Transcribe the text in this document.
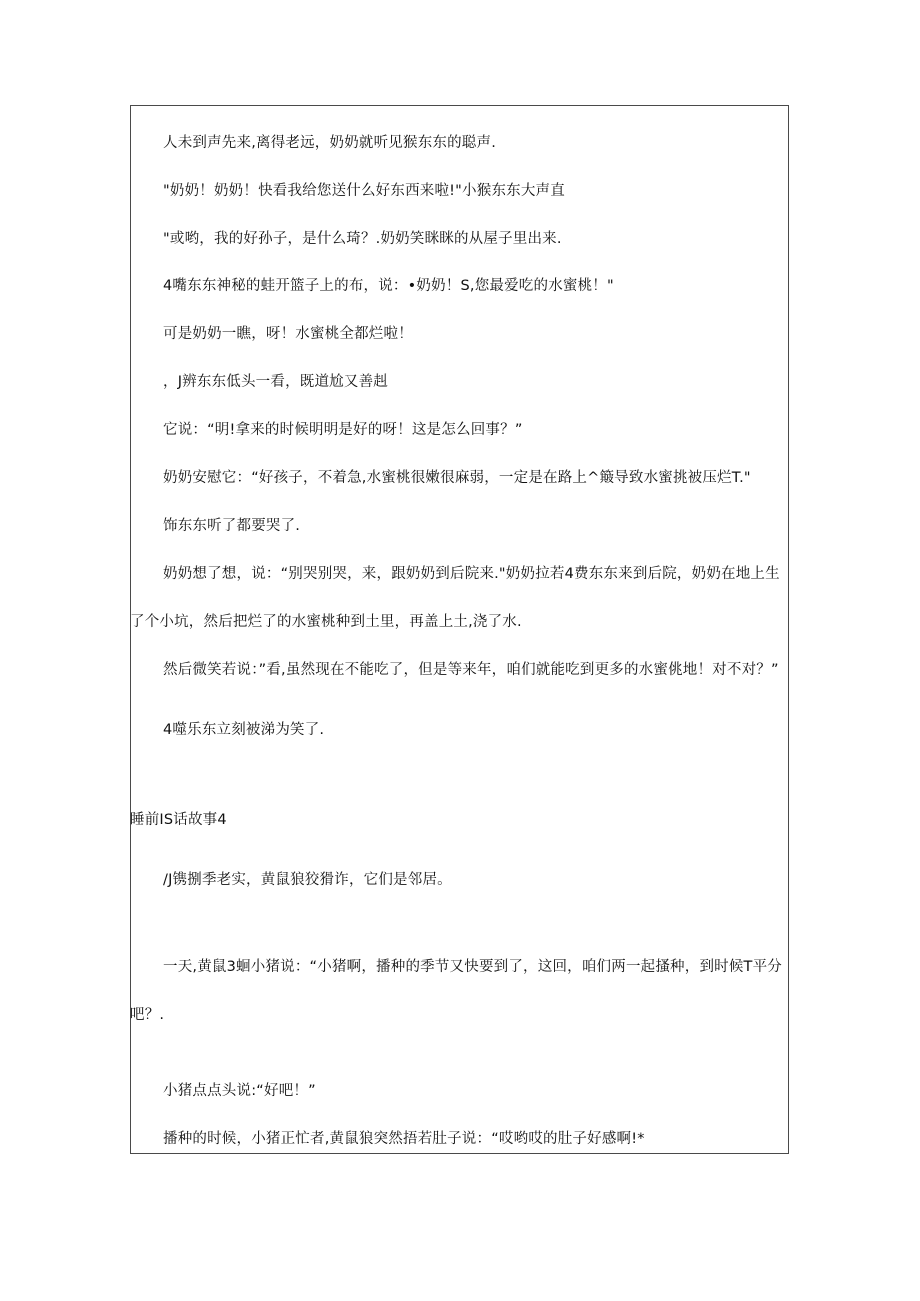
人未到声先来,离得老远，奶奶就听见猴东东的聪声.
"奶奶！奶奶！快看我给您送什么好东西来啦!"小猴东东大声直
"或哟，我的好孙子，是什么琦？.奶奶笑眯眯的从屋子里出来.
4嘴东东神秘的蛙开篮子上的布，说：•奶奶！S,您最爱吃的水蜜桃！"
可是奶奶一瞧，呀！水蜜桃全都烂啦！
，J辨东东低头一看，既道尬又善赳
它说：“明!拿来的时候明明是好的呀！这是怎么回事？”
奶奶安慰它：“好孩子，不着急,水蜜桃很嫩很麻弱，一定是在路上^簸导致水蜜挑被压烂T."
饰东东听了都要哭了.
奶奶想了想，说：“别哭别哭，来，跟奶奶到后院来."奶奶拉若4费东东来到后院，奶奶在地上生
了个小坑，然后把烂了的水蜜桃种到土里，再盖上土,浇了水.
然后微笑若说：”看,虽然现在不能吃了，但是等来年，咱们就能吃到更多的水蜜佻地！对不对？”
4噬乐东立刻被涕为笑了.
睡前IS话故事4
/J镌捌季老实，黄鼠狼狡猾诈，它们是邻居。
一天,黄鼠3蛔小猪说：“小猪啊，播种的季节又快要到了，这回，咱们两一起搔种，到时候T平分
吧？.
小猪点点头说:“好吧！”
播种的时候，小猪正忙者,黄鼠狼突然捂若肚子说：“哎哟哎的肚子好感啊!*
